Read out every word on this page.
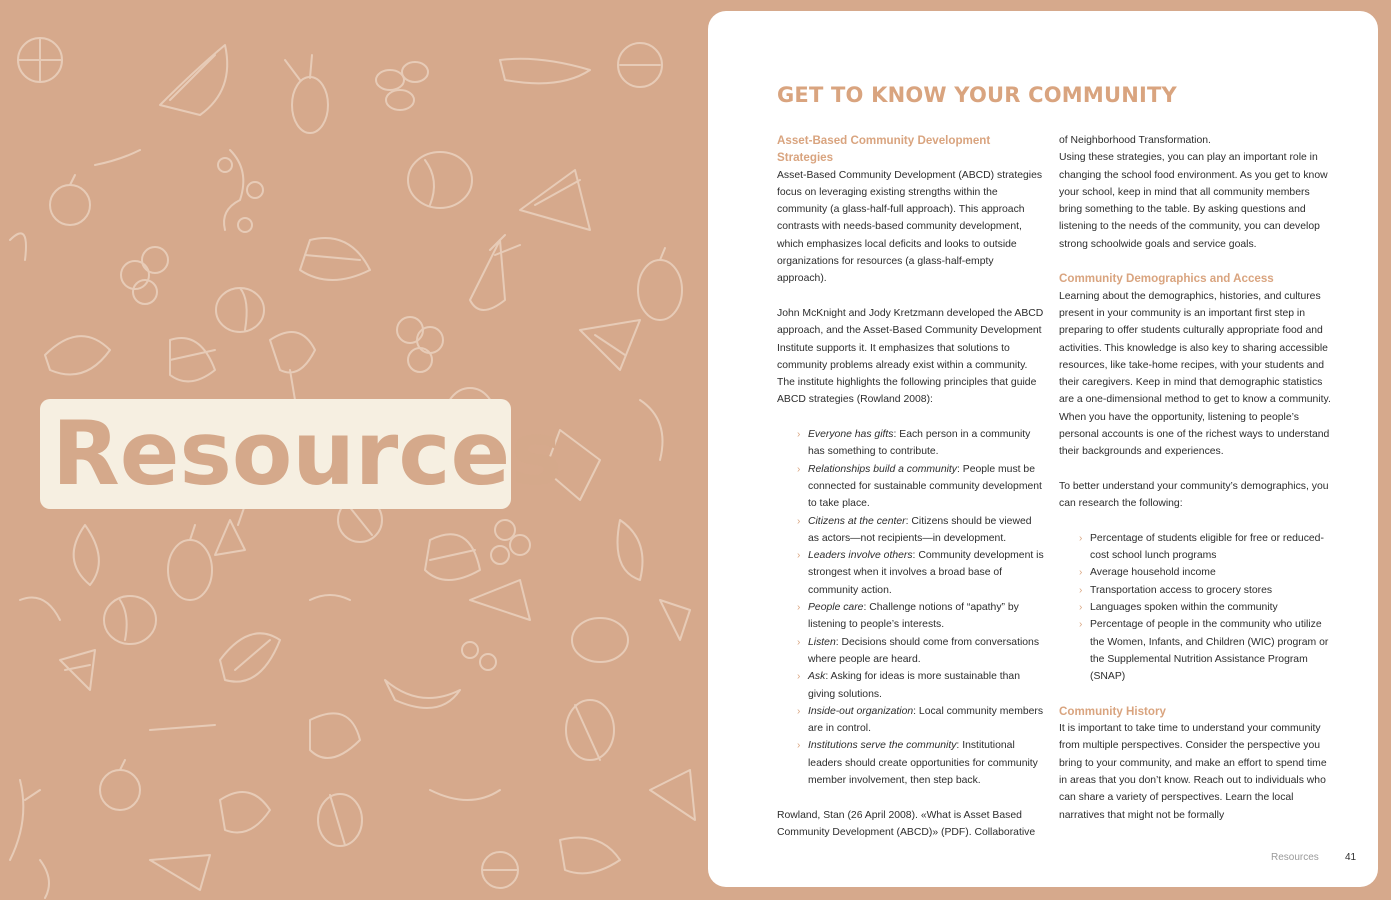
Resources
GET TO KNOW YOUR COMMUNITY
Asset-Based Community Development Strategies

Asset-Based Community Development (ABCD) strategies focus on leveraging existing strengths within the community (a glass-half-full approach). This approach contrasts with needs-based community development, which emphasizes local deficits and looks to outside organizations for resources (a glass-half-empty approach).

John McKnight and Jody Kretzmann developed the ABCD approach, and the Asset-Based Community Development Institute supports it. It emphasizes that solutions to community problems already exist within a community. The institute highlights the following principles that guide ABCD strategies (Rowland 2008):

› Everyone has gifts: Each person in a community has something to contribute.
› Relationships build a community: People must be connected for sustainable community development to take place.
› Citizens at the center: Citizens should be viewed as actors—not recipients—in development.
› Leaders involve others: Community development is strongest when it involves a broad base of community action.
› People care: Challenge notions of “apathy” by listening to people’s interests.
› Listen: Decisions should come from conversations where people are heard.
› Ask: Asking for ideas is more sustainable than giving solutions.
› Inside-out organization: Local community members are in control.
› Institutions serve the community: Institutional leaders should create opportunities for community member involvement, then step back.

Rowland, Stan (26 April 2008). «What is Asset Based Community Development (ABCD)» (PDF). Collaborative

of Neighborhood Transformation.

Using these strategies, you can play an important role in changing the school food environment. As you get to know your school, keep in mind that all community members bring something to the table. By asking questions and listening to the needs of the community, you can develop strong schoolwide goals and service goals.

Community Demographics and Access

Learning about the demographics, histories, and cultures present in your community is an important first step in preparing to offer students culturally appropriate food and activities. This knowledge is also key to sharing accessible resources, like take-home recipes, with your students and their caregivers. Keep in mind that demographic statistics are a one-dimensional method to get to know a community. When you have the opportunity, listening to people’s personal accounts is one of the richest ways to understand their backgrounds and experiences.

To better understand your community’s demographics, you can research the following:

› Percentage of students eligible for free or reduced-cost school lunch programs
› Average household income
› Transportation access to grocery stores
› Languages spoken within the community
› Percentage of people in the community who utilize the Women, Infants, and Children (WIC) program or the Supplemental Nutrition Assistance Program (SNAP)
Community History

It is important to take time to understand your community from multiple perspectives. Consider the perspective you bring to your community, and make an effort to spend time in areas that you don’t know. Reach out to individuals who can share a variety of perspectives. Learn the local narratives that might not be formally

Resources	41
